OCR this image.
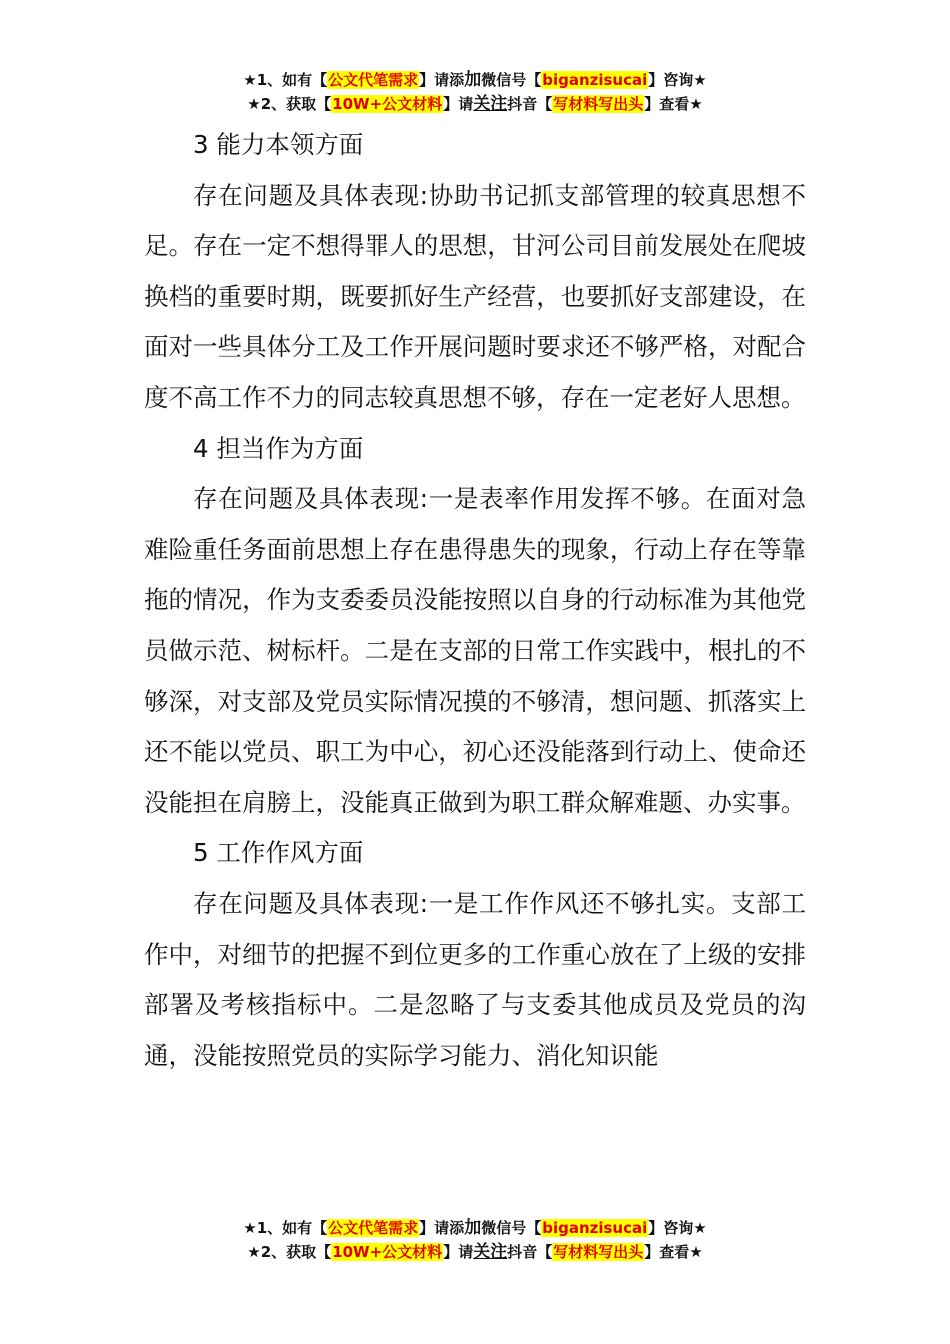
★1、如有【公文代笔需求】请添加微信号【biganzisucai】咨询★
★2、获取【10W+公文材料】请关注抖音【写材料写出头】查看★

3 能力本领方面

存在问题及具体表现:协助书记抓支部管理的较真思想不足。存在一定不想得罪人的思想，甘河公司目前发展处在爬坡换档的重要时期，既要抓好生产经营，也要抓好支部建设，在面对一些具体分工及工作开展问题时要求还不够严格，对配合度不高工作不力的同志较真思想不够，存在一定老好人思想。

4 担当作为方面

存在问题及具体表现:一是表率作用发挥不够。在面对急难险重任务面前思想上存在患得患失的现象，行动上存在等靠拖的情况，作为支委委员没能按照以自身的行动标准为其他党员做示范、树标杆。二是在支部的日常工作实践中，根扎的不够深，对支部及党员实际情况摸的不够清，想问题、抓落实上还不能以党员、职工为中心，初心还没能落到行动上、使命还没能担在肩膀上，没能真正做到为职工群众解难题、办实事。

5 工作作风方面

存在问题及具体表现:一是工作作风还不够扎实。支部工作中，对细节的把握不到位更多的工作重心放在了上级的安排部署及考核指标中。二是忽略了与支委其他成员及党员的沟通，没能按照党员的实际学习能力、消化知识能

★1、如有【公文代笔需求】请添加微信号【biganzisucai】咨询★
★2、获取【10W+公文材料】请关注抖音【写材料写出头】查看★
